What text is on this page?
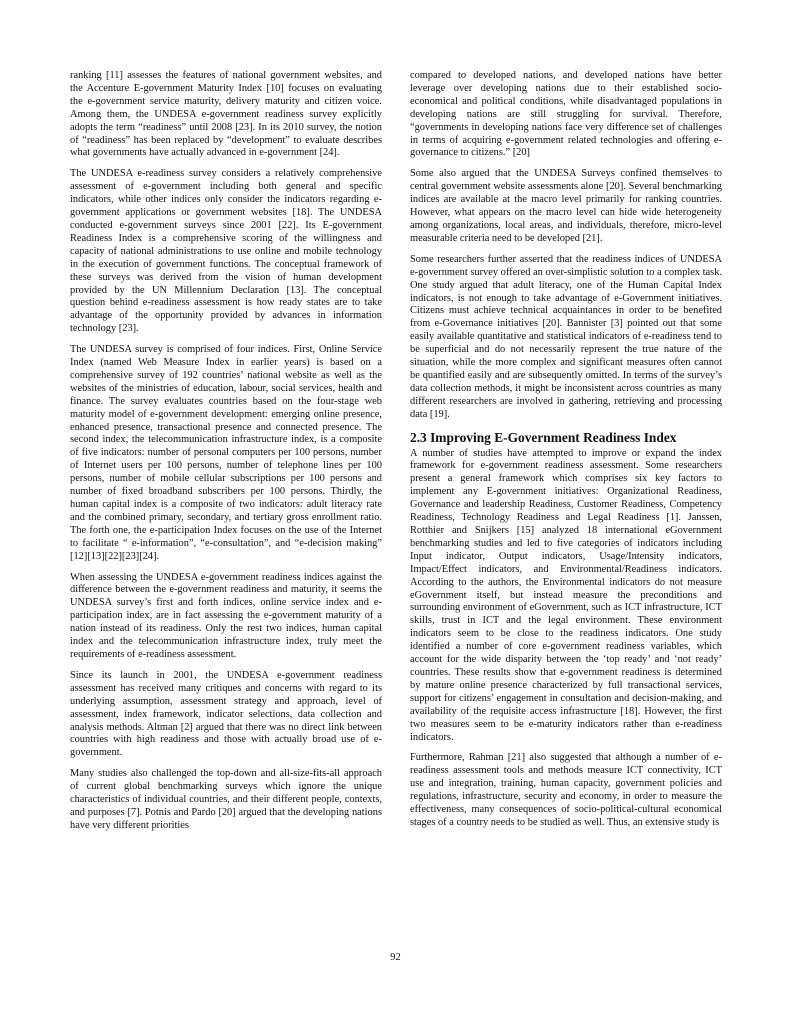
ranking [11] assesses the features of national government websites, and the Accenture E-government Maturity Index [10] focuses on evaluating the e-government service maturity, delivery maturity and citizen voice. Among them, the UNDESA e-government readiness survey explicitly adopts the term “readiness” until 2008 [23]. In its 2010 survey, the notion of “readiness” has been replaced by “development” to evaluate describes what governments have actually advanced in e-government [24].

The UNDESA e-readiness survey considers a relatively comprehensive assessment of e-government including both general and specific indicators, while other indices only consider the indicators regarding e-government applications or government websites [18]. The UNDESA conducted e-government surveys since 2001 [22]. Its E-government Readiness Index is a comprehensive scoring of the willingness and capacity of national administrations to use online and mobile technology in the execution of government functions. The conceptual framework of these surveys was derived from the vision of human development provided by the UN Millennium Declaration [13]. The conceptual question behind e-readiness assessment is how ready states are to take advantage of the opportunity provided by advances in information technology [23].

The UNDESA survey is comprised of four indices. First, Online Service Index (named Web Measure Index in earlier years) is based on a comprehensive survey of 192 countries’ national website as well as the websites of the ministries of education, labour, social services, health and finance. The survey evaluates countries based on the four-stage web maturity model of e-government development: emerging online presence, enhanced presence, transactional presence and connected presence. The second index, the telecommunication infrastructure index, is a composite of five indicators: number of personal computers per 100 persons, number of Internet users per 100 persons, number of telephone lines per 100 persons, number of mobile cellular subscriptions per 100 persons and number of fixed broadband subscribers per 100 persons. Thirdly, the human capital index is a composite of two indicators: adult literacy rate and the combined primary, secondary, and tertiary gross enrollment ratio. The forth one, the e-participation Index focuses on the use of the Internet to facilitate “ e-information”, “e-consultation”, and “e-decision making” [12][13][22][23][24].

When assessing the UNDESA e-government readiness indices against the difference between the e-government readiness and maturity, it seems the UNDESA survey’s first and forth indices, online service index and e-participation index, are in fact assessing the e-government maturity of a nation instead of its readiness. Only the rest two indices, human capital index and the telecommunication infrastructure index, truly meet the requirements of e-readiness assessment.

Since its launch in 2001, the UNDESA e-government readiness assessment has received many critiques and concerns with regard to its underlying assumption, assessment strategy and approach, level of assessment, index framework, indicator selections, data collection and analysis methods. Altman [2] argued that there was no direct link between countries with high readiness and those with actually broad use of e-government.

Many studies also challenged the top-down and all-size-fits-all approach of current global benchmarking surveys which ignore the unique characteristics of individual countries, and their different people, contexts, and purposes [7]. Potnis and Pardo [20] argued that the developing nations have very different priorities

compared to developed nations, and developed nations have better leverage over developing nations due to their established socio-economical and political conditions, while disadvantaged populations in developing nations are still struggling for survival. Therefore, “governments in developing nations face very difference set of challenges in terms of acquiring e-government related technologies and offering e-governance to citizens.” [20]

Some also argued that the UNDESA Surveys confined themselves to central government website assessments alone [20]. Several benchmarking indices are available at the macro level primarily for ranking countries. However, what appears on the macro level can hide wide heterogeneity among organizations, local areas, and individuals, therefore, micro-level measurable criteria need to be developed [21].

Some researchers further asserted that the readiness indices of UNDESA e-government survey offered an over-simplistic solution to a complex task. One study argued that adult literacy, one of the Human Capital Index indicators, is not enough to take advantage of e-Government initiatives. Citizens must achieve technical acquaintances in order to be benefited from e-Governance initiatives [20]. Bannister [3] pointed out that some easily available quantitative and statistical indicators of e-readiness tend to be superficial and do not necessarily represent the true nature of the situation, while the more complex and significant measures often cannot be quantified easily and are subsequently omitted. In terms of the survey’s data collection methods, it might be inconsistent across countries as many different researchers are involved in gathering, retrieving and processing data [19].

2.3 Improving E-Government Readiness Index

A number of studies have attempted to improve or expand the index framework for e-government readiness assessment. Some researchers present a general framework which comprises six key factors to implement any E-government initiatives: Organizational Readiness, Governance and leadership Readiness, Customer Readiness, Competency Readiness, Technology Readiness and Legal Readiness [1]. Janssen, Rotthier and Snijkers [15] analyzed 18 international eGovernment benchmarking studies and led to five categories of indicators including Input indicator, Output indicators, Usage/Intensity indicators, Impact/Effect indicators, and Environmental/Readiness indicators. According to the authors, the Environmental indicators do not measure eGovernment itself, but instead measure the preconditions and surrounding environment of eGovernment, such as ICT infrastructure, ICT skills, trust in ICT and the legal environment. These environment indicators seem to be close to the readiness indicators. One study identified a number of core e-government readiness variables, which account for the wide disparity between the ‘top ready’ and ‘not ready’ countries. These results show that e-government readiness is determined by mature online presence characterized by full transactional services, support for citizens’ engagement in consultation and decision-making, and availability of the requisite access infrastructure [18]. However, the first two measures seem to be e-maturity indicators rather than e-readiness indicators.

Furthermore, Rahman [21] also suggested that although a number of e-readiness assessment tools and methods measure ICT connectivity, ICT use and integration, training, human capacity, government policies and regulations, infrastructure, security and economy, in order to measure the effectiveness, many consequences of socio-political-cultural economical stages of a country needs to be studied as well. Thus, an extensive study is

92
